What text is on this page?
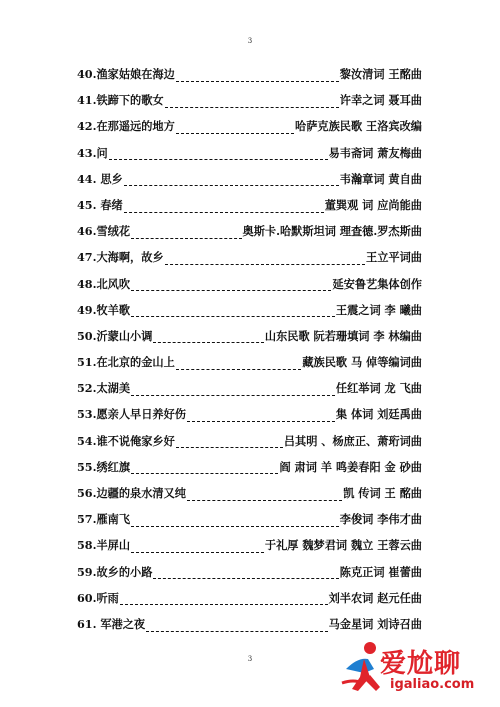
3
40.渔家姑娘在海边	黎汝清词 王酩曲
41.铁蹄下的歌女	许幸之词 聂耳曲
42.在那遥远的地方	哈萨克族民歌 王洛宾改编
43.问	易韦斋词 萧友梅曲
44. 思乡	韦瀚章词 黄自曲
45. 春绪	董巽观 词 应尚能曲
46.雪绒花	奥斯卡.哈默斯坦词 理查德.罗杰斯曲
47.大海啊，故乡	王立平词曲
48.北风吹	延安鲁艺集体创作
49.牧羊歌	王震之词 李 曦曲
50.沂蒙山小调	山东民歌 阮若珊填词 李 林编曲
51.在北京的金山上	藏族民歌 马 倬等编词曲
52.太湖美	任红举词 龙 飞曲
53.愿亲人早日养好伤	集 体词 刘廷禹曲
54.谁不说俺家乡好	吕其明 、杨庶正、萧珩词曲
55.绣红旗	阎 肃词 羊 鸣姜春阳 金 砂曲
56.边疆的泉水清又纯	凯 传词 王 酩曲
57.雁南飞	李俊词 李伟才曲
58.半屏山	于礼厚 魏梦君词 魏立 王蓉云曲
59.故乡的小路	陈克正词 崔蕾曲
60.听雨	刘半农词 赵元任曲
61. 军港之夜	马金星词 刘诗召曲
3	爱尬聊
igaliao.com
